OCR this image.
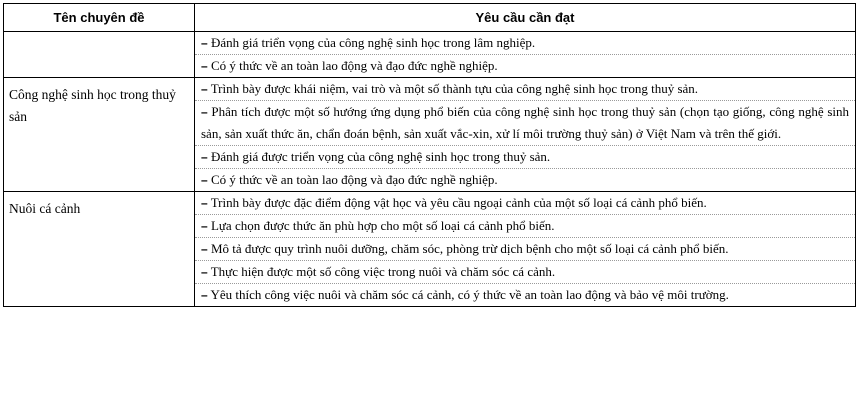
Tên chuyên đề	Yêu cầu cần đạt

	– Đánh giá triển vọng của công nghệ sinh học trong lâm nghiệp.
– Có ý thức về an toàn lao động và đạo đức nghề nghiệp.

Công nghệ sinh học trong thuỷ sản	– Trình bày được khái niệm, vai trò và một số thành tựu của công nghệ sinh học trong thuỷ sản.
– Phân tích được một số hướng ứng dụng phổ biến của công nghệ sinh học trong thuỷ sản (chọn tạo giống, công nghệ sinh sản, sản xuất thức ăn, chẩn đoán bệnh, sản xuất vắc-xin, xử lí môi trường thuỷ sản) ở Việt Nam và trên thế giới.
– Đánh giá được triển vọng của công nghệ sinh học trong thuỷ sản.
– Có ý thức về an toàn lao động và đạo đức nghề nghiệp.

Nuôi cá cảnh	– Trình bày được đặc điểm động vật học và yêu cầu ngoại cảnh của một số loại cá cảnh phổ biến.
– Lựa chọn được thức ăn phù hợp cho một số loại cá cảnh phổ biến.
– Mô tả được quy trình nuôi dưỡng, chăm sóc, phòng trừ dịch bệnh cho một số loại cá cảnh phổ biến.
– Thực hiện được một số công việc trong nuôi và chăm sóc cá cảnh.
– Yêu thích công việc nuôi và chăm sóc cá cảnh, có ý thức về an toàn lao động và bảo vệ môi trường.
